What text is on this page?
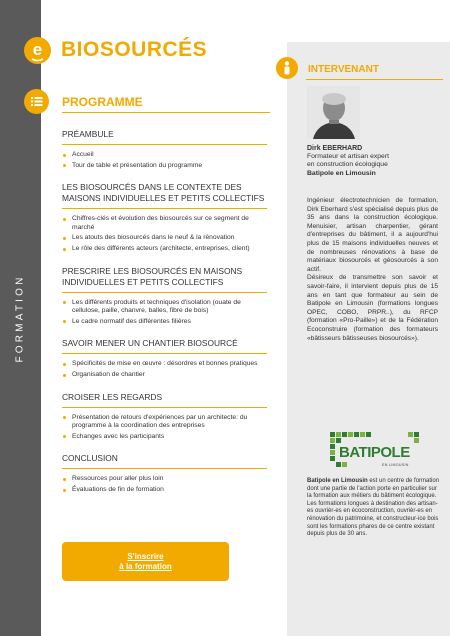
FORMATION
e BIOSOURCÉS
PROGRAMME
PRÉAMBULE
Accueil
Tour de table et présentation du programme
LES BIOSOURCÉS DANS LE CONTEXTE DES MAISONS INDIVIDUELLES ET PETITS COLLECTIFS
Chiffres-clés et évolution des biosourcés sur ce segment de marché
Les atouts des biosourcés dans le neuf & la rénovation
Le rôle des différents acteurs (architecte, entreprises, client)
PRESCRIRE LES BIOSOURCÉS EN MAISONS INDIVIDUELLES ET PETITS COLLECTIFS
Les différents produits et techniques d'isolation (ouate de cellulose, paille, chanvre, balles, fibre de bois)
Le cadre normatif des différentes filières
SAVOIR MENER UN CHANTIER BIOSOURCÉ
Spécificités de mise en œuvre : désordres et bonnes pratiques
Organisation de chantier
CROISER LES REGARDS
Présentation de retours d'expériences par un architecte: du programme à la coordination des entreprises
Echanges avec les participants
CONCLUSION
Ressources pour aller plus loin
Évaluations de fin de formation
S'inscrire
à la formation
INTERVENANT
Dirk EBERHARD
Formateur et artisan expert
en construction écologique
Batipole en Limousin

Ingénieur électrotechnicien de formation, Dirk Eberhard s'est spécialisé depuis plus de 35 ans dans la construction écologique. Menuisier, artisan charpentier, gérant d'entreprises du bâtiment, il a aujourd'hui plus de 15 maisons individuelles neuves et de nombreuses rénovations à base de matériaux biosourcés et géosourcés à son actif.

Désireux de transmettre son savoir et savoir-faire, il intervient depuis plus de 15 ans en tant que formateur au sein de Batipole en Limousin (formations longues OPEC, COBO, PRPR..), du RFCP (formation «Pro-Paille») et de la Fédération Ecoconstruire (formation des formateurs «bâtisseurs bâtisseuses biosourcés»).

BATIPOLE
EN LIMOUSIN
Batipole en Limousin est un centre de formation dont une partie de l'action porte en particulier sur la formation aux métiers du bâtiment écologique. Les formations longues à destination des artisan-es ouvrièr-es en écoconstruction, ouvrièr-es en rénovation du patrimoine, et constructeur-ice bois sont les formations phares de ce centre existant depuis plus de 30 ans.
